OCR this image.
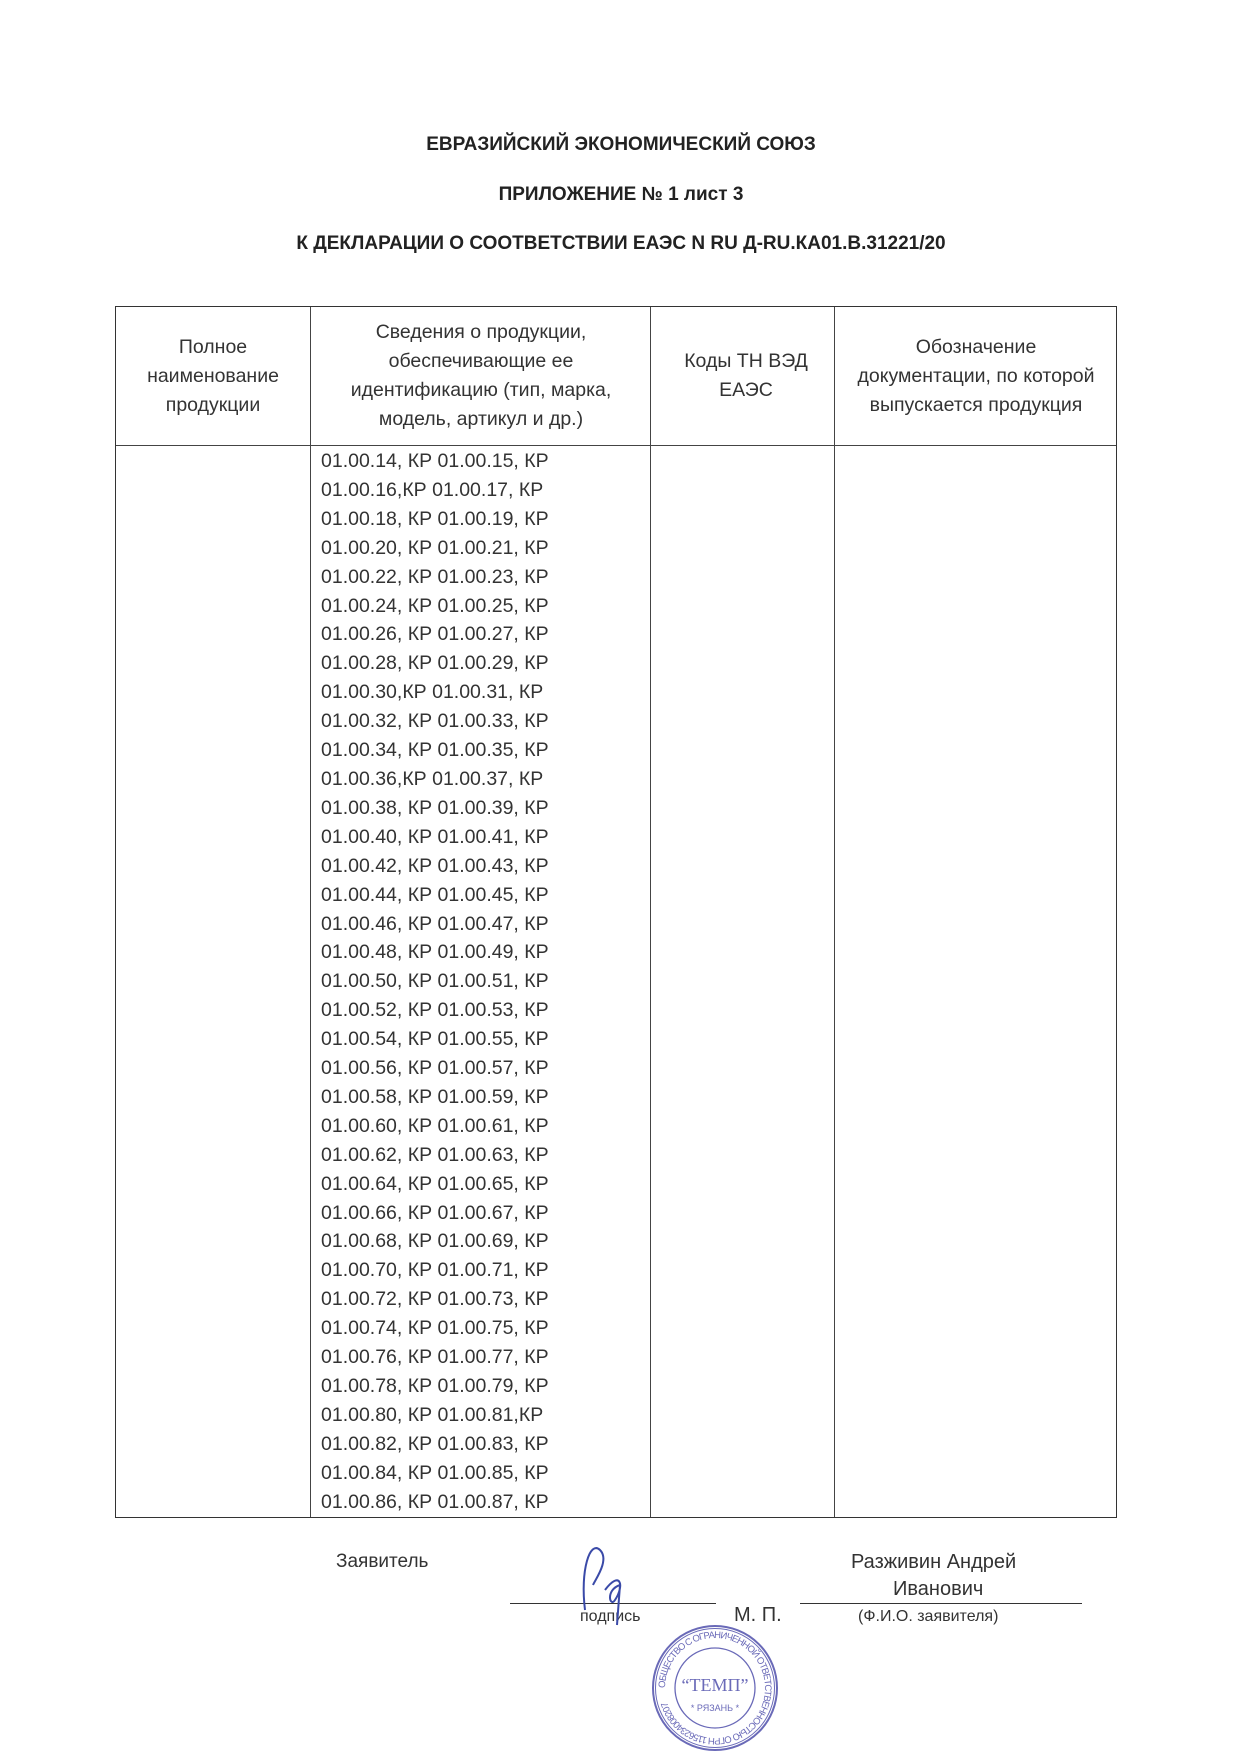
ЕВРАЗИЙСКИЙ ЭКОНОМИЧЕСКИЙ СОЮЗ
ПРИЛОЖЕНИЕ № 1 лист 3
К ДЕКЛАРАЦИИ О СООТВЕТСТВИИ ЕАЭС N RU Д-RU.КА01.В.31221/20
Полное наименование продукции
Сведения о продукции, обеспечивающие ее идентификацию (тип, марка, модель, артикул и др.)
Коды ТН ВЭД ЕАЭС
Обозначение документации, по которой выпускается продукция
01.00.14, КР 01.00.15, КР
01.00.16,КР 01.00.17, КР
01.00.18, КР 01.00.19, КР
01.00.20, КР 01.00.21, КР
01.00.22, КР 01.00.23, КР
01.00.24, КР 01.00.25, КР
01.00.26, КР 01.00.27, КР
01.00.28, КР 01.00.29, КР
01.00.30,КР 01.00.31, КР
01.00.32, КР 01.00.33, КР
01.00.34, КР 01.00.35, КР
01.00.36,КР 01.00.37, КР
01.00.38, КР 01.00.39, КР
01.00.40, КР 01.00.41, КР
01.00.42, КР 01.00.43, КР
01.00.44, КР 01.00.45, КР
01.00.46, КР 01.00.47, КР
01.00.48, КР 01.00.49, КР
01.00.50, КР 01.00.51, КР
01.00.52, КР 01.00.53, КР
01.00.54, КР 01.00.55, КР
01.00.56, КР 01.00.57, КР
01.00.58, КР 01.00.59, КР
01.00.60, КР 01.00.61, КР
01.00.62, КР 01.00.63, КР
01.00.64, КР 01.00.65, КР
01.00.66, КР 01.00.67, КР
01.00.68, КР 01.00.69, КР
01.00.70, КР 01.00.71, КР
01.00.72, КР 01.00.73, КР
01.00.74, КР 01.00.75, КР
01.00.76, КР 01.00.77, КР
01.00.78, КР 01.00.79, КР
01.00.80, КР 01.00.81,КР
01.00.82, КР 01.00.83, КР
01.00.84, КР 01.00.85, КР
01.00.86, КР 01.00.87, КР
Заявитель
подпись	М. П.
Разживин Андрей
Иванович
(Ф.И.О. заявителя)
ОБЩЕСТВО С ОГРАНИЧЕННОЙ ОТВЕТСТВЕННОСТЬЮ ОГРН 1156234008207
“ТЕМП”
* РЯЗАНЬ *
